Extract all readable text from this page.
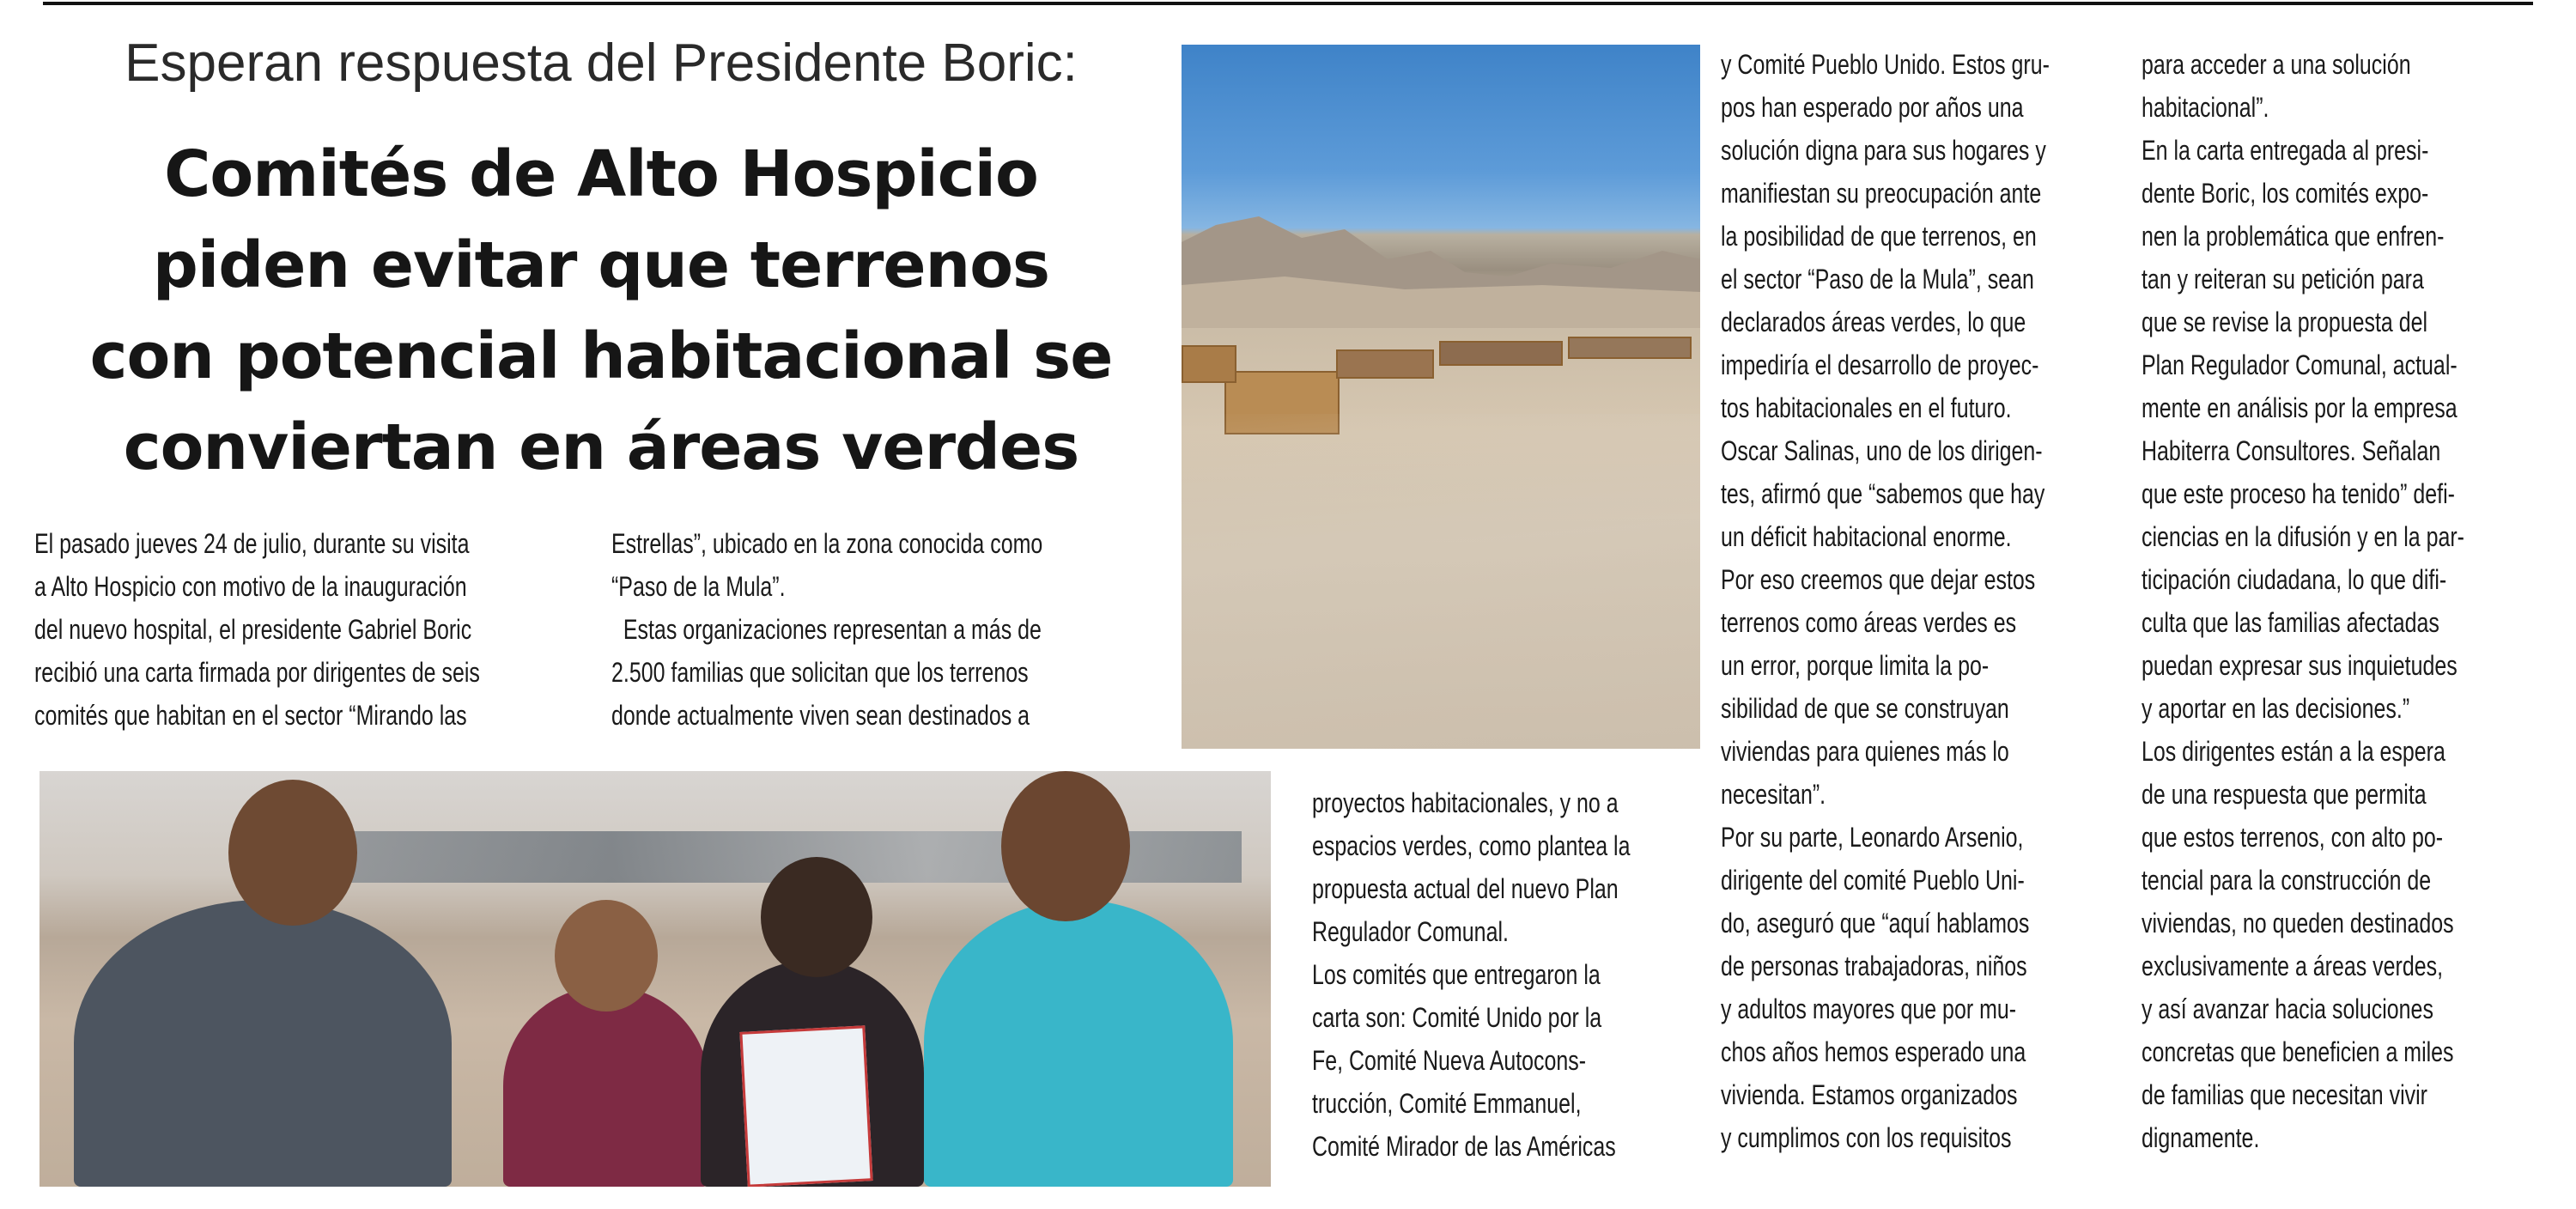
Esperan respuesta del Presidente Boric:
Comités de Alto Hospicio
piden evitar que terrenos
con potencial habitacional se
conviertan en áreas verdes
El pasado jueves 24 de julio, durante su visita
a Alto Hospicio con motivo de la inauguración
del nuevo hospital, el presidente Gabriel Boric
recibió una carta firmada por dirigentes de seis
comités que habitan en el sector “Mirando las
Estrellas”, ubicado en la zona conocida como
“Paso de la Mula”.
Estas organizaciones representan a más de
2.500 familias que solicitan que los terrenos
donde actualmente viven sean destinados a
proyectos habitacionales, y no a
espacios verdes, como plantea la
propuesta actual del nuevo Plan
Regulador Comunal.
Los comités que entregaron la
carta son: Comité Unido por la
Fe, Comité Nueva Autocons-
trucción, Comité Emmanuel,
Comité Mirador de las Américas
y Comité Pueblo Unido. Estos gru-
pos han esperado por años una
solución digna para sus hogares y
manifiestan su preocupación ante
la posibilidad de que terrenos, en
el sector “Paso de la Mula”, sean
declarados áreas verdes, lo que
impediría el desarrollo de proyec-
tos habitacionales en el futuro.
Oscar Salinas, uno de los dirigen-
tes, afirmó que “sabemos que hay
un déficit habitacional enorme.
Por eso creemos que dejar estos
terrenos como áreas verdes es
un error, porque limita la po-
sibilidad de que se construyan
viviendas para quienes más lo
necesitan”.
Por su parte, Leonardo Arsenio,
dirigente del comité Pueblo Uni-
do, aseguró que “aquí hablamos
de personas trabajadoras, niños
y adultos mayores que por mu-
chos años hemos esperado una
vivienda. Estamos organizados
y cumplimos con los requisitos
para acceder a una solución
habitacional”.
En la carta entregada al presi-
dente Boric, los comités expo-
nen la problemática que enfren-
tan y reiteran su petición para
que se revise la propuesta del
Plan Regulador Comunal, actual-
mente en análisis por la empresa
Habiterra Consultores. Señalan
que este proceso ha tenido” defi-
ciencias en la difusión y en la par-
ticipación ciudadana, lo que difi-
culta que las familias afectadas
puedan expresar sus inquietudes
y aportar en las decisiones.”
Los dirigentes están a la espera
de una respuesta que permita
que estos terrenos, con alto po-
tencial para la construcción de
viviendas, no queden destinados
exclusivamente a áreas verdes,
y así avanzar hacia soluciones
concretas que beneficien a miles
de familias que necesitan vivir
dignamente.
